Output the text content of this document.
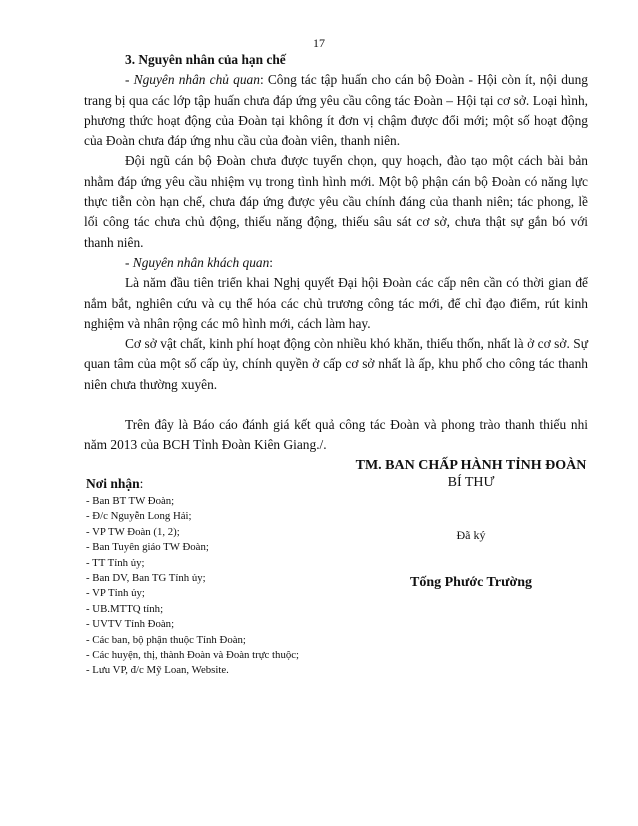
17

3. Nguyên nhân của hạn chế

- Nguyên nhân chủ quan: Công tác tập huấn cho cán bộ Đoàn - Hội còn ít, nội dung trang bị qua các lớp tập huấn chưa đáp ứng yêu cầu công tác Đoàn – Hội tại cơ sở. Loại hình, phương thức hoạt động của Đoàn tại không ít đơn vị chậm được đổi mới; một số hoạt động của Đoàn chưa đáp ứng nhu cầu của đoàn viên, thanh niên.

Đội ngũ cán bộ Đoàn chưa được tuyển chọn, quy hoạch, đào tạo một cách bài bản nhằm đáp ứng yêu cầu nhiệm vụ trong tình hình mới. Một bộ phận cán bộ Đoàn có năng lực thực tiễn còn hạn chế, chưa đáp ứng được yêu cầu chính đáng của thanh niên; tác phong, lề lối công tác chưa chủ động, thiếu năng động, thiếu sâu sát cơ sở, chưa thật sự gắn bó với thanh niên.

- Nguyên nhân khách quan:

Là năm đầu tiên triển khai Nghị quyết Đại hội Đoàn các cấp nên cần có thời gian để nắm bắt, nghiên cứu và cụ thể hóa các chủ trương công tác mới, để chỉ đạo điểm, rút kinh nghiệm và nhân rộng các mô hình mới, cách làm hay.

Cơ sở vật chất, kinh phí hoạt động còn nhiều khó khăn, thiếu thốn, nhất là ở cơ sở. Sự quan tâm của một số cấp ủy, chính quyền ở cấp cơ sở nhất là ấp, khu phố cho công tác thanh niên chưa thường xuyên.

Trên đây là Báo cáo đánh giá kết quả công tác Đoàn và phong trào thanh thiếu nhi năm 2013 của BCH Tỉnh Đoàn Kiên Giang./.

TM. BAN CHẤP HÀNH TỈNH ĐOÀN
BÍ THƯ
Đã ký
Tống Phước Trường
Nơi nhận:
- Ban BT TW Đoàn;
- Đ/c Nguyễn Long Hải;
- VP TW Đoàn (1, 2);
- Ban Tuyên giáo TW Đoàn;
- TT Tỉnh ủy;
- Ban DV, Ban TG Tỉnh ủy;
- VP Tỉnh ủy;
- UB.MTTQ tỉnh;
- UVTV Tỉnh Đoàn;
- Các ban, bộ phận thuộc Tỉnh Đoàn;
- Các huyện, thị, thành Đoàn và Đoàn trực thuộc;
- Lưu VP, đ/c Mỹ Loan, Website.
